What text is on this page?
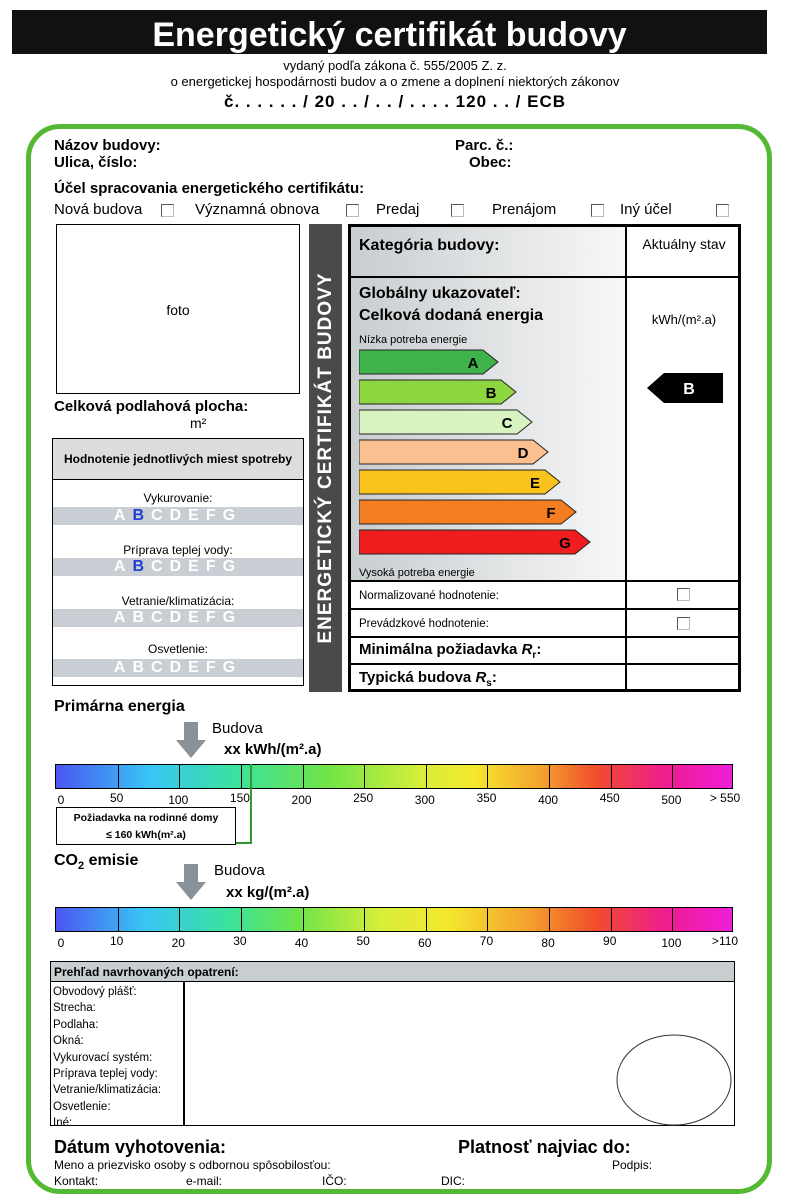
Energetický certifikát budovy
vydaný podľa zákona č. 555/2005 Z. z.
o energetickej hospodárnosti budov a o zmene a doplnení niektorých zákonov
č. . . . . . / 20 . . / . . / . . . . 120 . . / ECB
Názov budovy:
Ulica, číslo:
Parc. č.:
Obec:
Účel spracovania energetického certifikátu:
Nová budova	Významná obnova	Predaj	Prenájom	Iný účel
foto
Celková podlahová plocha:
m²
Hodnotenie jednotlivých miest spotreby
Vykurovanie:
ABCDEFG
Príprava teplej vody:
ABCDEFG
Vetranie/klimatizácia:
ABCDEFG
Osvetlenie:
ABCDEFG
ENERGETICKÝ CERTIFIKÁT BUDOVY
Kategória budovy:	Aktuálny stav
Globálny ukazovateľ:
Celková dodaná energia	kWh/(m².a)
Nízka potreba energie
A
B
C
D
E
F
G
Vysoká potreba energie
B
Normalizované hodnotenie:
Prevádzkové hodnotenie:
Minimálna požiadavka $R_r$:
Typická budova $R_s$:
Primárna energia
Budova
xx kWh/(m².a)
0	50	100	150	200	250	300	350	400	450	500 > 550
Požiadavka na rodinné domy
≤ 160 kWh(m².a)
$CO_2$ emisie
Budova
xx kg/(m².a)
0	10	20	30	40	50	60	70	80	90	100	>110
Prehľad navrhovaných opatrení:
Obvodový plášť:
Strecha:
Podlaha:
Okná:
Vykurovací systém:
Príprava teplej vody:
Vetranie/klimatizácia:
Osvetlenie:
Iné:
Dátum vyhotovenia:	Platnosť najviac do:
Meno a priezvisko osoby s odbornou spôsobilosťou:	Podpis:
Kontakt:	e-mail:	IČO:	DIC:
